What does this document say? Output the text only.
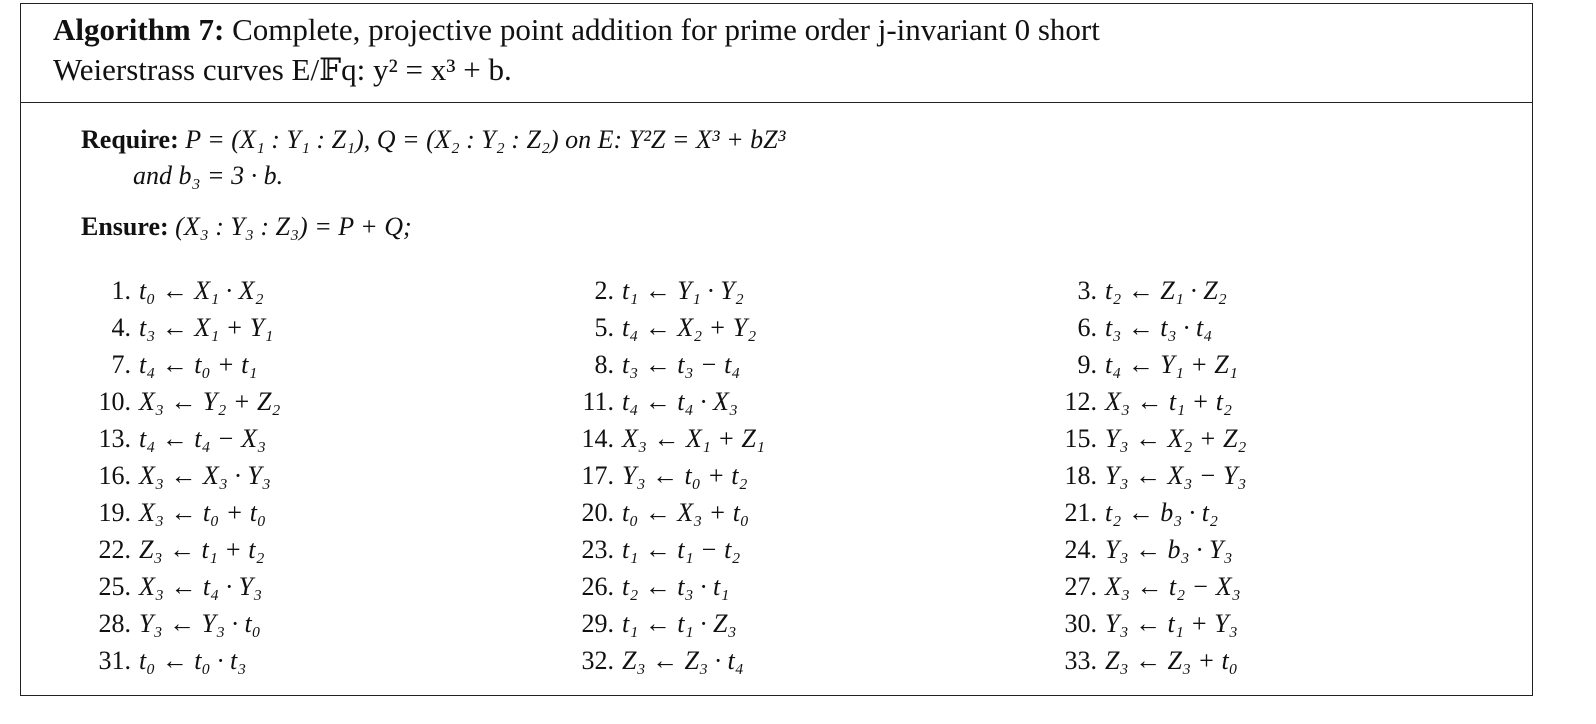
Algorithm 7: Complete, projective point addition for prime order j-invariant 0 short
Weierstrass curves E/𝔽q: y² = x³ + b.
Require: P = (X₁ : Y₁ : Z₁), Q = (X₂ : Y₂ : Z₂) on E: Y²Z = X³ + bZ³
and b₃ = 3 · b.
Ensure: (X₃ : Y₃ : Z₃) = P + Q;
1. t₀ ← X₁ · X₂	2. t₁ ← Y₁ · Y₂	3. t₂ ← Z₁ · Z₂
4. t₃ ← X₁ + Y₁	5. t₄ ← X₂ + Y₂	6. t₃ ← t₃ · t₄
7. t₄ ← t₀ + t₁	8. t₃ ← t₃ − t₄	9. t₄ ← Y₁ + Z₁
10. X₃ ← Y₂ + Z₂	11. t₄ ← t₄ · X₃	12. X₃ ← t₁ + t₂
13. t₄ ← t₄ − X₃	14. X₃ ← X₁ + Z₁	15. Y₃ ← X₂ + Z₂
16. X₃ ← X₃ · Y₃	17. Y₃ ← t₀ + t₂	18. Y₃ ← X₃ − Y₃
19. X₃ ← t₀ + t₀	20. t₀ ← X₃ + t₀	21. t₂ ← b₃ · t₂
22. Z₃ ← t₁ + t₂	23. t₁ ← t₁ − t₂	24. Y₃ ← b₃ · Y₃
25. X₃ ← t₄ · Y₃	26. t₂ ← t₃ · t₁	27. X₃ ← t₂ − X₃
28. Y₃ ← Y₃ · t₀	29. t₁ ← t₁ · Z₃	30. Y₃ ← t₁ + Y₃
31. t₀ ← t₀ · t₃	32. Z₃ ← Z₃ · t₄	33. Z₃ ← Z₃ + t₀
